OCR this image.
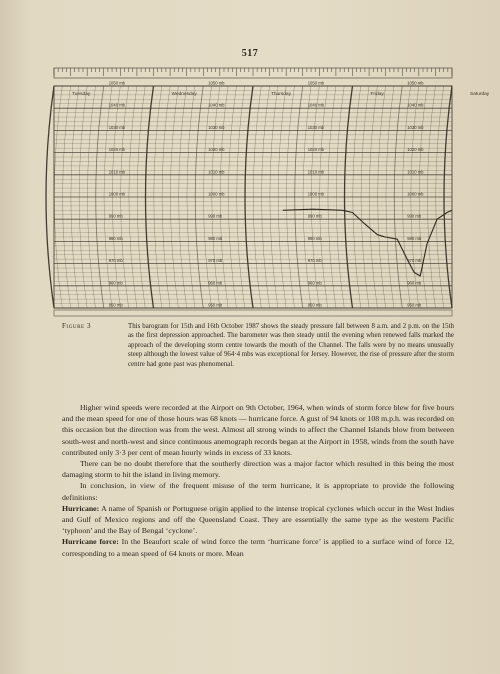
517
Tuesday	Wednesday	Thursday	Friday	Saturday
1050 mb	1050 mb	1050 mb	1050 mb
1040 mb	1040 mb	1040 mb	1040 mb
1030 mb	1030 mb	1030 mb	1030 mb
1020 mb	1020 mb	1020 mb	1020 mb
1010 mb	1010 mb	1010 mb	1010 mb
1000 mb	1000 mb	1000 mb	1000 mb
990 mb	990 mb	990 mb	990 mb
980 mb	980 mb	980 mb	980 mb
970 mb	970 mb	970 mb	970 mb
960 mb	960 mb	960 mb	960 mb
950 mb	950 mb	950 mb	950 mb
Figure 3	This barogram for 15th and 16th October 1987 shows the steady pressure fall between 8 a.m. and 2 p.m. on the 15th as the first depression approached. The barometer was then steady until the evening when renewed falls marked the approach of the developing storm centre towards the mouth of the Channel. The falls were by no means unusually steep although the lowest value of 964·4 mbs was exceptional for Jersey. However, the rise of pressure after the storm centre had gone past was phenomenal.

Higher wind speeds were recorded at the Airport on 9th October, 1964, when winds of storm force blew for five hours and the mean speed for one of those hours was 68 knots — hurricane force. A gust of 94 knots or 108 m.p.h. was recorded on this occasion but the direction was from the west. Almost all strong winds to affect the Channel Islands blow from between south-west and north-west and since continuous anemograph records began at the Airport in 1958, winds from the south have contributed only 3·3 per cent of mean hourly winds in excess of 33 knots.

There can be no doubt therefore that the southerly direction was a major factor which resulted in this being the most damaging storm to hit the island in living memory.

In conclusion, in view of the frequent misuse of the term hurricane, it is appropriate to provide the following definitions:

Hurricane: A name of Spanish or Portuguese origin applied to the intense tropical cyclones which occur in the West Indies and Gulf of Mexico regions and off the Queensland Coast. They are essentially the same type as the western Pacific ‘typhoon’ and the Bay of Bengal ‘cyclone’.

Hurricane force: In the Beaufort scale of wind force the term ‘hurricane force’ is applied to a surface wind of force 12, corresponding to a mean speed of 64 knots or more. Mean
